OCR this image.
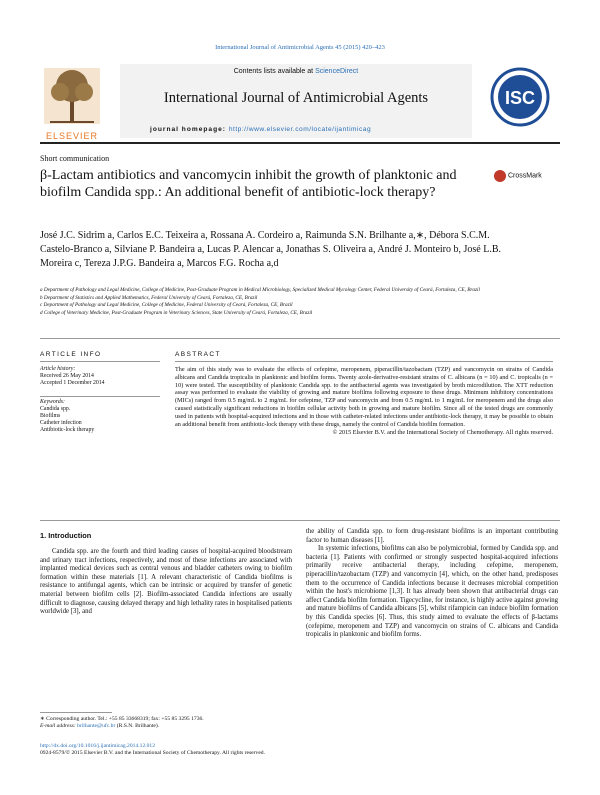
International Journal of Antimicrobial Agents 45 (2015) 420–423
Contents lists available at ScienceDirect
International Journal of Antimicrobial Agents
journal homepage: http://www.elsevier.com/locate/ijantimicag
ELSEVIER
ISC
Short communication
β-Lactam antibiotics and vancomycin inhibit the growth of planktonic and biofilm Candida spp.: An additional benefit of antibiotic-lock therapy?
CrossMark
José J.C. Sidrim a, Carlos E.C. Teixeira a, Rossana A. Cordeiro a, Raimunda S.N. Brilhante a,∗, Débora S.C.M. Castelo-Branco a, Silviane P. Bandeira a, Lucas P. Alencar a, Jonathas S. Oliveira a, André J. Monteiro b, José L.B. Moreira c, Tereza J.P.G. Bandeira a, Marcos F.G. Rocha a,d
a Department of Pathology and Legal Medicine, College of Medicine, Post-Graduate Program in Medical Microbiology, Specialized Medical Mycology Center, Federal University of Ceará, Fortaleza, CE, Brazil
b Department of Statistics and Applied Mathematics, Federal University of Ceará, Fortaleza, CE, Brazil
c Department of Pathology and Legal Medicine, College of Medicine, Federal University of Ceará, Fortaleza, CE, Brazil
d College of Veterinary Medicine, Post-Graduate Program in Veterinary Sciences, State University of Ceará, Fortaleza, CE, Brazil
ARTICLE INFO	ABSTRACT
Article history:
Received 26 May 2014
Accepted 1 December 2014
Keywords:
Candida spp.
Biofilms
Catheter infection
Antibiotic-lock therapy
The aim of this study was to evaluate the effects of cefepime, meropenem, piperacillin/tazobactam (TZP) and vancomycin on strains of Candida albicans and Candida tropicalis in planktonic and biofilm forms. Twenty azole-derivative-resistant strains of C. albicans (n = 10) and C. tropicalis (n = 10) were tested. The susceptibility of planktonic Candida spp. to the antibacterial agents was investigated by broth microdilution. The XTT reduction assay was performed to evaluate the viability of growing and mature biofilms following exposure to these drugs. Minimum inhibitory concentrations (MICs) ranged from 0.5 mg/mL to 2 mg/mL for cefepime, TZP and vancomycin and from 0.5 mg/mL to 1 mg/mL for meropenem and the drugs also caused statistically significant reductions in biofilm cellular activity both in growing and mature biofilm. Since all of the tested drugs are commonly used in patients with hospital-acquired infections and in those with catheter-related infections under antibiotic-lock therapy, it may be possible to obtain an additional benefit from antibiotic-lock therapy with these drugs, namely the control of Candida biofilm formation.
© 2015 Elsevier B.V. and the International Society of Chemotherapy. All rights reserved.
1. Introduction
Candida spp. are the fourth and third leading causes of hospital-acquired bloodstream and urinary tract infections, respectively, and most of these infections are associated with implanted medical devices such as central venous and bladder catheters owing to biofilm formation within these materials [1]. A relevant characteristic of Candida biofilms is resistance to antifungal agents, which can be intrinsic or acquired by transfer of genetic material between biofilm cells [2]. Biofilm-associated Candida infections are usually difficult to diagnose, causing delayed therapy and high lethality rates in hospitalised patients worldwide [3], and
the ability of Candida spp. to form drug-resistant biofilms is an important contributing factor to human diseases [1].
In systemic infections, biofilms can also be polymicrobial, formed by Candida spp. and bacteria [1]. Patients with confirmed or strongly suspected hospital-acquired infections primarily receive antibacterial therapy, including cefepime, meropenem, piperacillin/tazobactam (TZP) and vancomycin [4], which, on the other hand, predisposes them to the occurrence of Candida infections because it decreases microbial competition within the host's microbiome [1,3]. It has already been shown that antibacterial drugs can affect Candida biofilm formation. Tigecycline, for instance, is highly active against growing and mature biofilms of Candida albicans [5], whilst rifampicin can induce biofilm formation by this Candida species [6]. Thus, this study aimed to evaluate the effects of β-lactams (cefepime, meropenem and TZP) and vancomycin on strains of C. albicans and Candida tropicalis in planktonic and biofilm forms.
∗ Corresponding author. Tel.: +55 85 33668319; fax: +55 85 3295 1736.
E-mail address: brilhante@ufc.br (R.S.N. Brilhante).
http://dx.doi.org/10.1016/j.ijantimicag.2014.12.012
0924-8579/© 2015 Elsevier B.V. and the International Society of Chemotherapy. All rights reserved.
